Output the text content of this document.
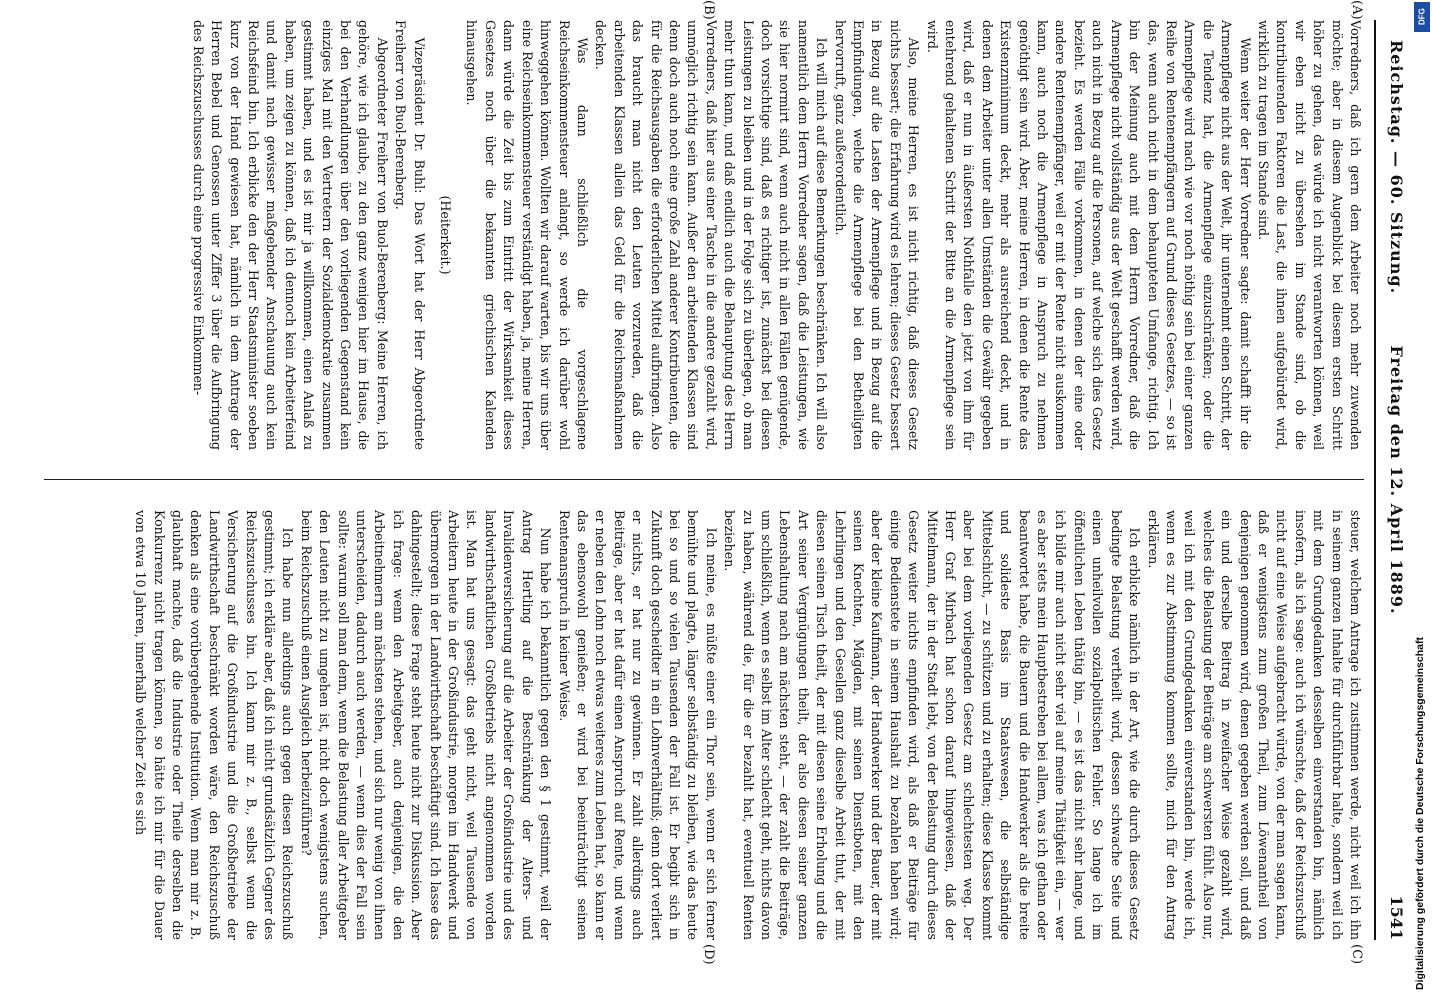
Reichstag. — 60. Sitzung.
Freitag den 12. April 1889.
1541
(A)
(B)
(C)
(D)

Vorredners, daß ich gern dem Arbeiter noch mehr zuwenden möchte; aber in diesem Augenblick bei diesem ersten Schritt höher zu gehen, das würde ich nicht verantworten können, weil wir eben nicht zu übersehen im Stande sind, ob die kontribuirenden Faktoren die Last, die ihnen aufgebürdet wird, wirklich zu tragen im Stande sind.

Wenn weiter der Herr Vorredner sagte: damit schafft ihr die Armenpflege nicht aus der Welt, ihr unternehmt einen Schritt, der die Tendenz hat, die Armenpflege einzuschränken; oder die Armenpflege wird nach wie vor noch nöthig sein bei einer ganzen Reihe von Rentenempfängern auf Grund dieses Gesetzes, — so ist das, wenn auch nicht in dem behaupteten Umfange, richtig. Ich bin der Meinung auch mit dem Herrn Vorredner, daß die Armenpflege nicht vollständig aus der Welt geschafft werden wird, auch nicht in Bezug auf die Personen, auf welche sich dies Gesetz bezieht. Es werden Fälle vorkommen, in denen der eine oder andere Rentenempfänger, weil er mit der Rente nicht auskommen kann, auch noch die Armenpflege in Anspruch zu nehmen genöthigt sein wird. Aber, meine Herren, in denen die Rente das Existenzminimum deckt, mehr als ausreichend deckt, und in denen dem Arbeiter unter allen Umständen die Gewähr gegeben wird, daß er nun in äußersten Nothfalle den jetzt von ihm für entehrend gehaltenen Schritt der Bitte an die Armenpflege sein wird.

Also, meine Herren, es ist nicht richtig, daß dieses Gesetz nichts bessert; die Erfahrung wird es lehren; dieses Gesetz bessert in Bezug auf die Lasten der Armenpflege und in Bezug auf die Empfindungen, welche die Armenpflege bei den Betheiligten hervorruft, ganz außerordentlich.

Ich will mich auf diese Bemerkungen beschränken. Ich will also namentlich dem Herrn Vorredner sagen, daß die Leistungen, wie sie hier normirt sind, wenn auch nicht in allen Fällen genügende, doch vorsichtige sind, daß es richtiger ist, zunächst bei diesen Leistungen zu bleiben und in der Folge sich zu überlegen, ob man mehr thun kann, und daß endlich auch die Behauptung des Herrn Vorredners, daß hier aus einer Tasche in die andere gezahlt wird, unmöglich richtig sein kann. Außer den arbeitenden Klassen sind denn doch auch noch eine große Zahl anderer Kontribuenten, die für die Reichsausgaben die erforderlichen Mittel aufbringen. Also das braucht man nicht den Leuten vorzureden, daß die arbeitenden Klassen allein das Geld für die Reichsmaßnahmen decken.

Was dann schließlich die vorgeschlagene Reichseinkommensteuer anlangt, so werde ich darüber wohl hinweggehen können. Wollten wir darauf warten, bis wir uns über eine Reichseinkommensteuer verständigt haben, ja, meine Herren, dann würde die Zeit bis zum Eintritt der Wirksamkeit dieses Gesetzes noch über die bekannten griechischen Kalenden hinausgehen.

(Heiterkeit.)

Vizepräsident Dr. Buhl: Das Wort hat der Herr Abgeordnete Freiherr von Buol-Berenberg.

Abgeordneter Freiherr von Buol-Berenberg: Meine Herren, ich gehöre, wie ich glaube, zu den ganz wenigen hier im Hause, die bei den Verhandlungen über den vorliegenden Gegenstand kein einziges Mal mit den Vertretern der Sozialdemokratie zusammen gestimmt haben, und es ist mir ja willkommen, einen Anlaß zu haben, um zeigen zu können, daß ich dennoch kein Arbeiterfeind und damit nach gewisser maßgebender Anschauung auch kein Reichsfeind bin. Ich erblicke den der Herr Staatsminister soeben kurz von der Hand gewiesen hat, nämlich in dem Antrage der Herren Bebel und Genossen unter Ziffer 3 über die Aufbringung des Reichszuschusses durch eine progressive Einkommen-

steuer, welchem Antrage ich zustimmen werde, nicht weil ich ihn in seinem ganzen Inhalte für durchführbar halte, sondern weil ich mit dem Grundgedanken desselben einverstanden bin, nämlich insofern, als ich sage: auch ich wünschte, daß der Reichszuschuß nicht auf eine Weise aufgebracht würde, von der man sagen kann, daß er wenigstens zum großen Theil, zum Löwenantheil von denjenigen genommen wird, denen gegeben werden soll, und daß ein und derselbe Beitrag in zweifacher Weise gezahlt wird, welches die Belastung der Beiträge am schwersten fühlt. Also nur, weil ich mit den Grundgedanken einverstanden bin, werde ich, wenn es zur Abstimmung kommen sollte, mich für den Antrag erklären.

Ich erblicke nämlich in der Art, wie die durch dieses Gesetz bedingte Belastung vertheilt wird, dessen schwache Seite und einen unheilvollen sozialpolitischen Fehler. So lange ich im öffentlichen Leben thätig bin, — es ist das nicht sehr lange, und ich bilde mir auch nicht sehr viel auf meine Thätigkeit ein, — wer es aber stets mein Hauptbestreben bei allem, was ich gethan oder beantwortet habe, die Bauern und die Handwerker als die breite und solideste Basis im Staatswesen, die selbständige Mittelschicht, — zu schützen und zu erhalten; diese Klasse kommt aber bei dem vorliegenden Gesetz am schlechtesten weg. Der Herr Graf Mirbach hat schon darauf hingewiesen, daß der Mittelmann, der in der Stadt lebt, von der Belastung durch dieses Gesetz weiter nichts empfinden wird, als daß er Beiträge für einige Bedienstete in seinem Haushalt zu bezahlen haben wird; aber der kleine Kaufmann, der Handwerker und der Bauer, der mit seinen Knechten, Mägden, mit seinen Dienstboten, mit den Lehrlingen und den Gesellen ganz dieselbe Arbeit thut, der mit diesen seinen Tisch theilt, der mit diesen seine Erholung und die Art seiner Vergnügungen theilt, der also diesen seiner ganzen Lebenshaltung nach am nächsten steht, — der zahlt die Beiträge, um schließlich, wenn es selbst im Alter schlecht geht, nichts davon zu haben, während die, für die er bezahlt hat, eventuell Renten beziehen.

Ich meine, es müßte einer ein Thor sein, wenn er sich ferner bemühte und plagte, länger selbständig zu bleiben, wie das heute bei so und so vielen Tausenden der Fall ist. Er begibt sich in Zukunft doch gescheidter in ein Lohnverhältniß; denn dort verliert er nichts, er hat nur zu gewinnen. Er zahlt allerdings auch Beiträge, aber er hat dafür einen Anspruch auf Rente, und wenn er neben den Lohn noch etwas weiteres zum Leben hat, so kann er das ebensowohl genießen; er wird bei beeinträchtigt seinen Rentenanspruch in keiner Weise.

Nun habe ich bekanntlich gegen den § 1 gestimmt, weil der Antrag Hertling auf die Beschränkung der Alters- und Invalidenversicherung auf die Arbeiter der Großindustrie und des landwirthschaftlichen Großbetriebs nicht angenommen worden ist. Man hat uns gesagt: das geht nicht, weil Tausende von Arbeitern heute in der Großindustrie, morgen im Handwerk und übermorgen in der Landwirthschaft beschäftigt sind. Ich lasse das dahingestellt; diese Frage steht heute nicht zur Diskussion. Aber ich frage: wenn den Arbeitgeber, auch denjenigen, die den Arbeitnehmern am nächsten stehen, und sich nur wenig von ihnen unterscheiden, dadurch auch werden, — wenn dies der Fall sein sollte: warum soll man denn, wenn die Belastung aller Arbeitgeber den Leuten nicht zu umgehen ist, nicht doch wenigstens suchen, beim Reichszuschuß einen Ausgleich herbeizuführen?

Ich habe nun allerdings auch gegen diesen Reichszuschuß gestimmt; ich erkläre aber, daß ich nicht grundsätzlich Gegner des Reichszuschusses bin. Ich kann mir z. B., selbst wenn die Versicherung auf die Großindustrie und die Großbetriebe der Landwirthschaft beschränkt worden wäre, den Reichszuschuß denken als eine vorübergehende Institution. Wenn man mir z. B. glaubhaft machte, daß die Industrie oder Theile derselben die Konkurrenz nicht tragen können, so hätte ich mir für die Dauer von etwa 10 Jahren, innerhalb welcher Zeit es sich

DFG
Digitalisierung gefördert durch die Deutsche Forschungsgemeinschaft
